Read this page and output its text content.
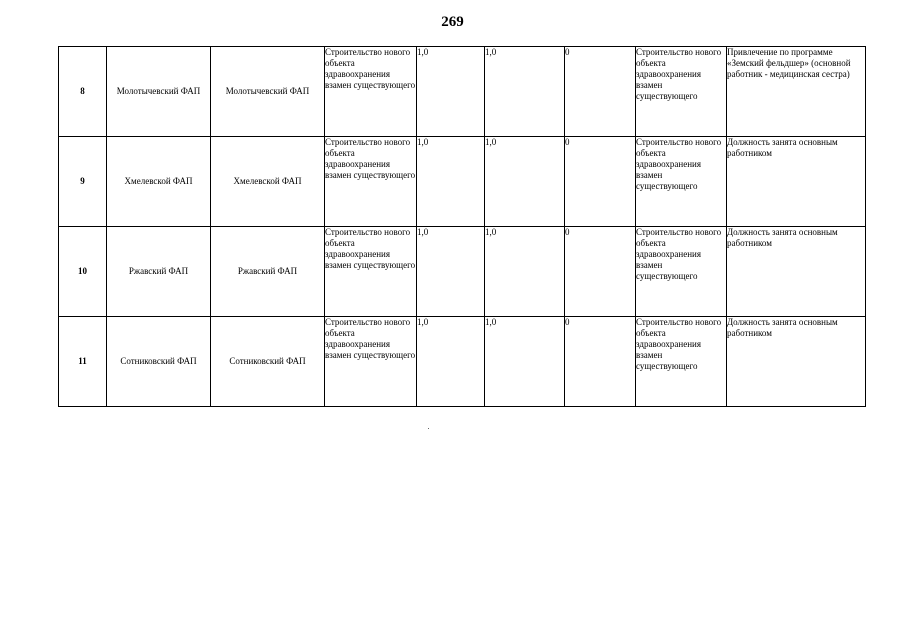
269
8	Молотычевский ФАП	Молотычевский ФАП	Строительство нового объекта здравоохранения взамен существующего	1,0	1,0	0	Строительство нового объекта здравоохранения взамен существующего	Привлечение по программе «Земский фельдшер» (основной работник - медицинская сестра)
9	Хмелевской ФАП	Хмелевской ФАП	Строительство нового объекта здравоохранения взамен существующего	1,0	1,0	0	Строительство нового объекта здравоохранения взамен существующего	Должность занята основным работником
10	Ржавский ФАП	Ржавский ФАП	Строительство нового объекта здравоохранения взамен существующего	1,0	1,0	0	Строительство нового объекта здравоохранения взамен существующего	Должность занята основным работником
11	Сотниковский ФАП	Сотниковский ФАП	Строительство нового объекта здравоохранения взамен существующего	1,0	1,0	0	Строительство нового объекта здравоохранения взамен существующего	Должность занята основным работником
